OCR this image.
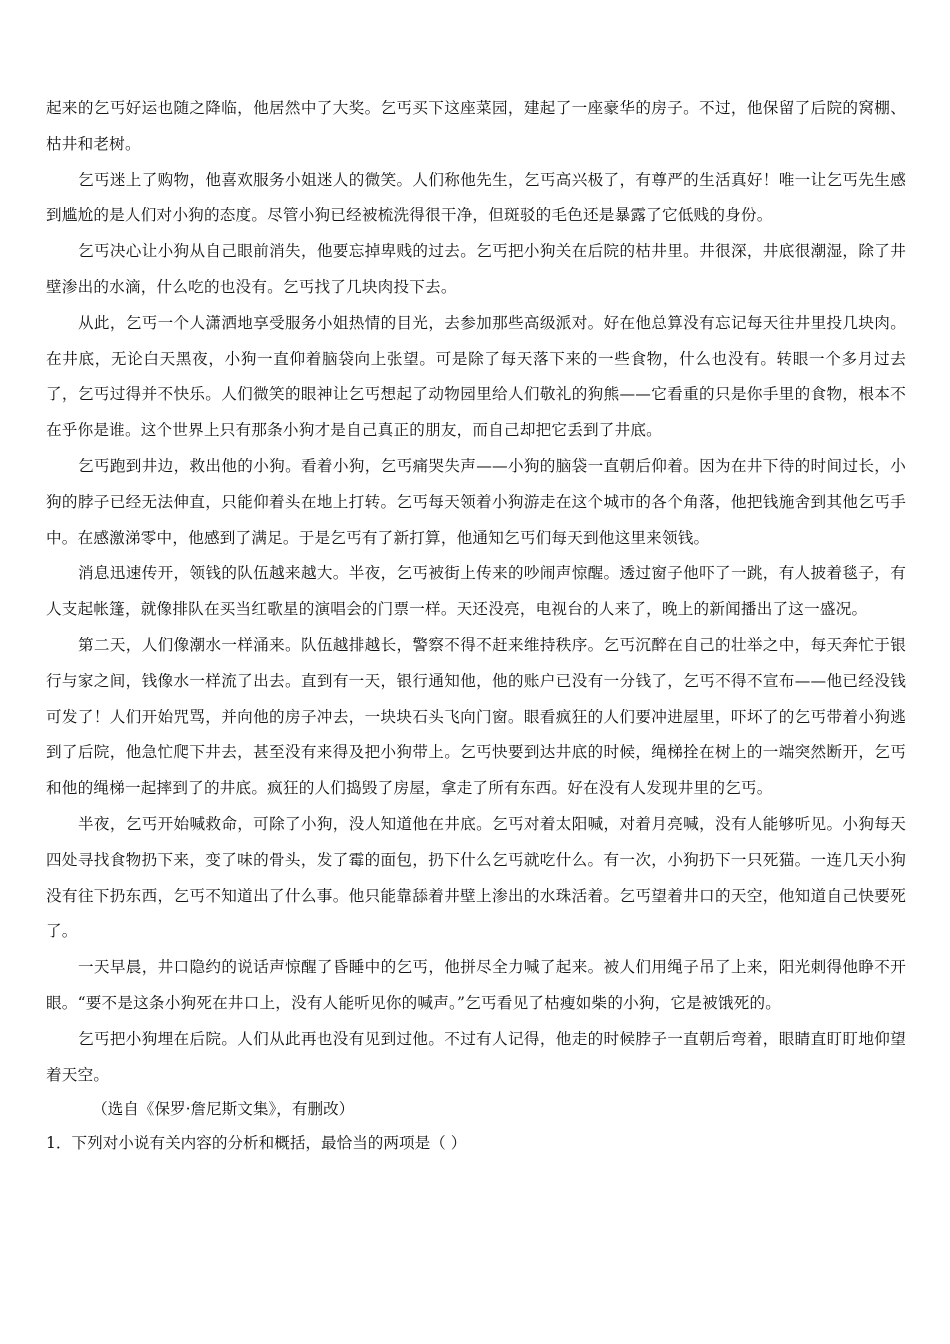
起来的乞丐好运也随之降临，他居然中了大奖。乞丐买下这座菜园，建起了一座豪华的房子。不过，他保留了后院的窝棚、枯井和老树。

乞丐迷上了购物，他喜欢服务小姐迷人的微笑。人们称他先生，乞丐高兴极了，有尊严的生活真好！唯一让乞丐先生感到尴尬的是人们对小狗的态度。尽管小狗已经被梳洗得很干净，但斑驳的毛色还是暴露了它低贱的身份。

乞丐决心让小狗从自己眼前消失，他要忘掉卑贱的过去。乞丐把小狗关在后院的枯井里。井很深，井底很潮湿，除了井壁渗出的水滴，什么吃的也没有。乞丐找了几块肉投下去。

从此，乞丐一个人潇洒地享受服务小姐热情的目光，去参加那些高级派对。好在他总算没有忘记每天往井里投几块肉。在井底，无论白天黑夜，小狗一直仰着脑袋向上张望。可是除了每天落下来的一些食物，什么也没有。转眼一个多月过去了，乞丐过得并不快乐。人们微笑的眼神让乞丐想起了动物园里给人们敬礼的狗熊——它看重的只是你手里的食物，根本不在乎你是谁。这个世界上只有那条小狗才是自己真正的朋友，而自己却把它丢到了井底。

乞丐跑到井边，救出他的小狗。看着小狗，乞丐痛哭失声——小狗的脑袋一直朝后仰着。因为在井下待的时间过长，小狗的脖子已经无法伸直，只能仰着头在地上打转。乞丐每天领着小狗游走在这个城市的各个角落，他把钱施舍到其他乞丐手中。在感激涕零中，他感到了满足。于是乞丐有了新打算，他通知乞丐们每天到他这里来领钱。

消息迅速传开，领钱的队伍越来越大。半夜，乞丐被街上传来的吵闹声惊醒。透过窗子他吓了一跳，有人披着毯子，有人支起帐篷，就像排队在买当红歌星的演唱会的门票一样。天还没亮，电视台的人来了，晚上的新闻播出了这一盛况。

第二天，人们像潮水一样涌来。队伍越排越长，警察不得不赶来维持秩序。乞丐沉醉在自己的壮举之中，每天奔忙于银行与家之间，钱像水一样流了出去。直到有一天，银行通知他，他的账户已没有一分钱了，乞丐不得不宣布——他已经没钱可发了！人们开始咒骂，并向他的房子冲去，一块块石头飞向门窗。眼看疯狂的人们要冲进屋里，吓坏了的乞丐带着小狗逃到了后院，他急忙爬下井去，甚至没有来得及把小狗带上。乞丐快要到达井底的时候，绳梯拴在树上的一端突然断开，乞丐和他的绳梯一起摔到了的井底。疯狂的人们捣毁了房屋，拿走了所有东西。好在没有人发现井里的乞丐。

半夜，乞丐开始喊救命，可除了小狗，没人知道他在井底。乞丐对着太阳喊，对着月亮喊，没有人能够听见。小狗每天四处寻找食物扔下来，变了味的骨头，发了霉的面包，扔下什么乞丐就吃什么。有一次，小狗扔下一只死猫。一连几天小狗没有往下扔东西，乞丐不知道出了什么事。他只能靠舔着井壁上渗出的水珠活着。乞丐望着井口的天空，他知道自己快要死了。

一天早晨，井口隐约的说话声惊醒了昏睡中的乞丐，他拼尽全力喊了起来。被人们用绳子吊了上来，阳光刺得他睁不开眼。“要不是这条小狗死在井口上，没有人能听见你的喊声。”乞丐看见了枯瘦如柴的小狗，它是被饿死的。

乞丐把小狗埋在后院。人们从此再也没有见到过他。不过有人记得，他走的时候脖子一直朝后弯着，眼睛直盯盯地仰望着天空。

（选自《保罗·詹尼斯文集》，有删改）

1．下列对小说有关内容的分析和概括，最恰当的两项是（ ）
